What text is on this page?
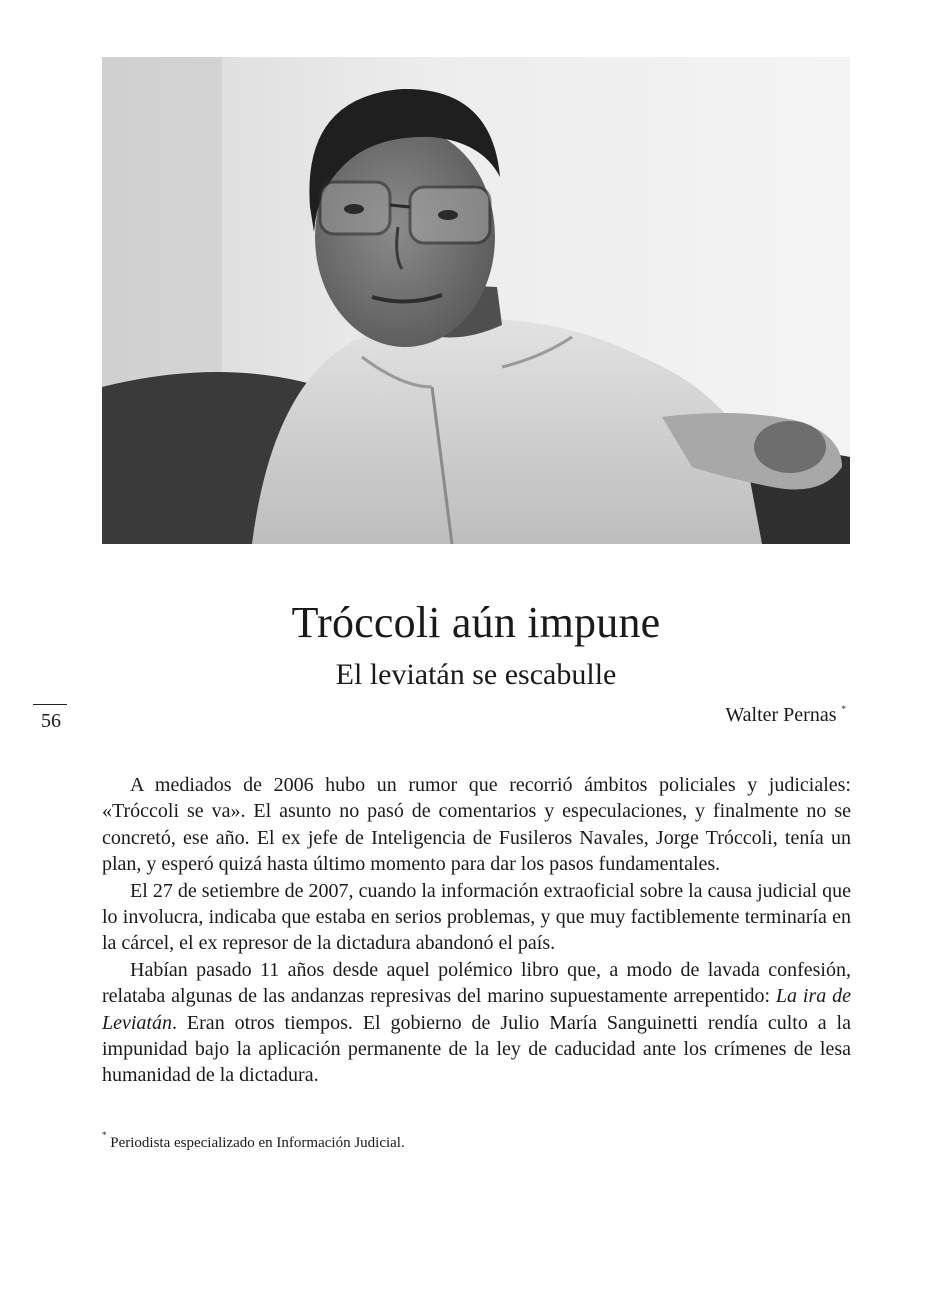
56
Tróccoli aún impune
El leviatán se escabulle
Walter Pernas *

A mediados de 2006 hubo un rumor que recorrió ámbitos policiales y judiciales: «Tróccoli se va». El asunto no pasó de comentarios y especulaciones, y finalmente no se concretó, ese año. El ex jefe de Inteligencia de Fusileros Navales, Jorge Tróccoli, tenía un plan, y esperó quizá hasta último momento para dar los pasos fundamentales.

El 27 de setiembre de 2007, cuando la información extraoficial sobre la causa judicial que lo involucra, indicaba que estaba en serios problemas, y que muy factiblemente terminaría en la cárcel, el ex represor de la dictadura abandonó el país.

Habían pasado 11 años desde aquel polémico libro que, a modo de lavada confesión, relataba algunas de las andanzas represivas del marino supuestamente arrepentido: La ira de Leviatán. Eran otros tiempos. El gobierno de Julio María Sanguinetti rendía culto a la impunidad bajo la aplicación permanente de la ley de caducidad ante los crímenes de lesa humanidad de la dictadura.

* Periodista especializado en Información Judicial.
